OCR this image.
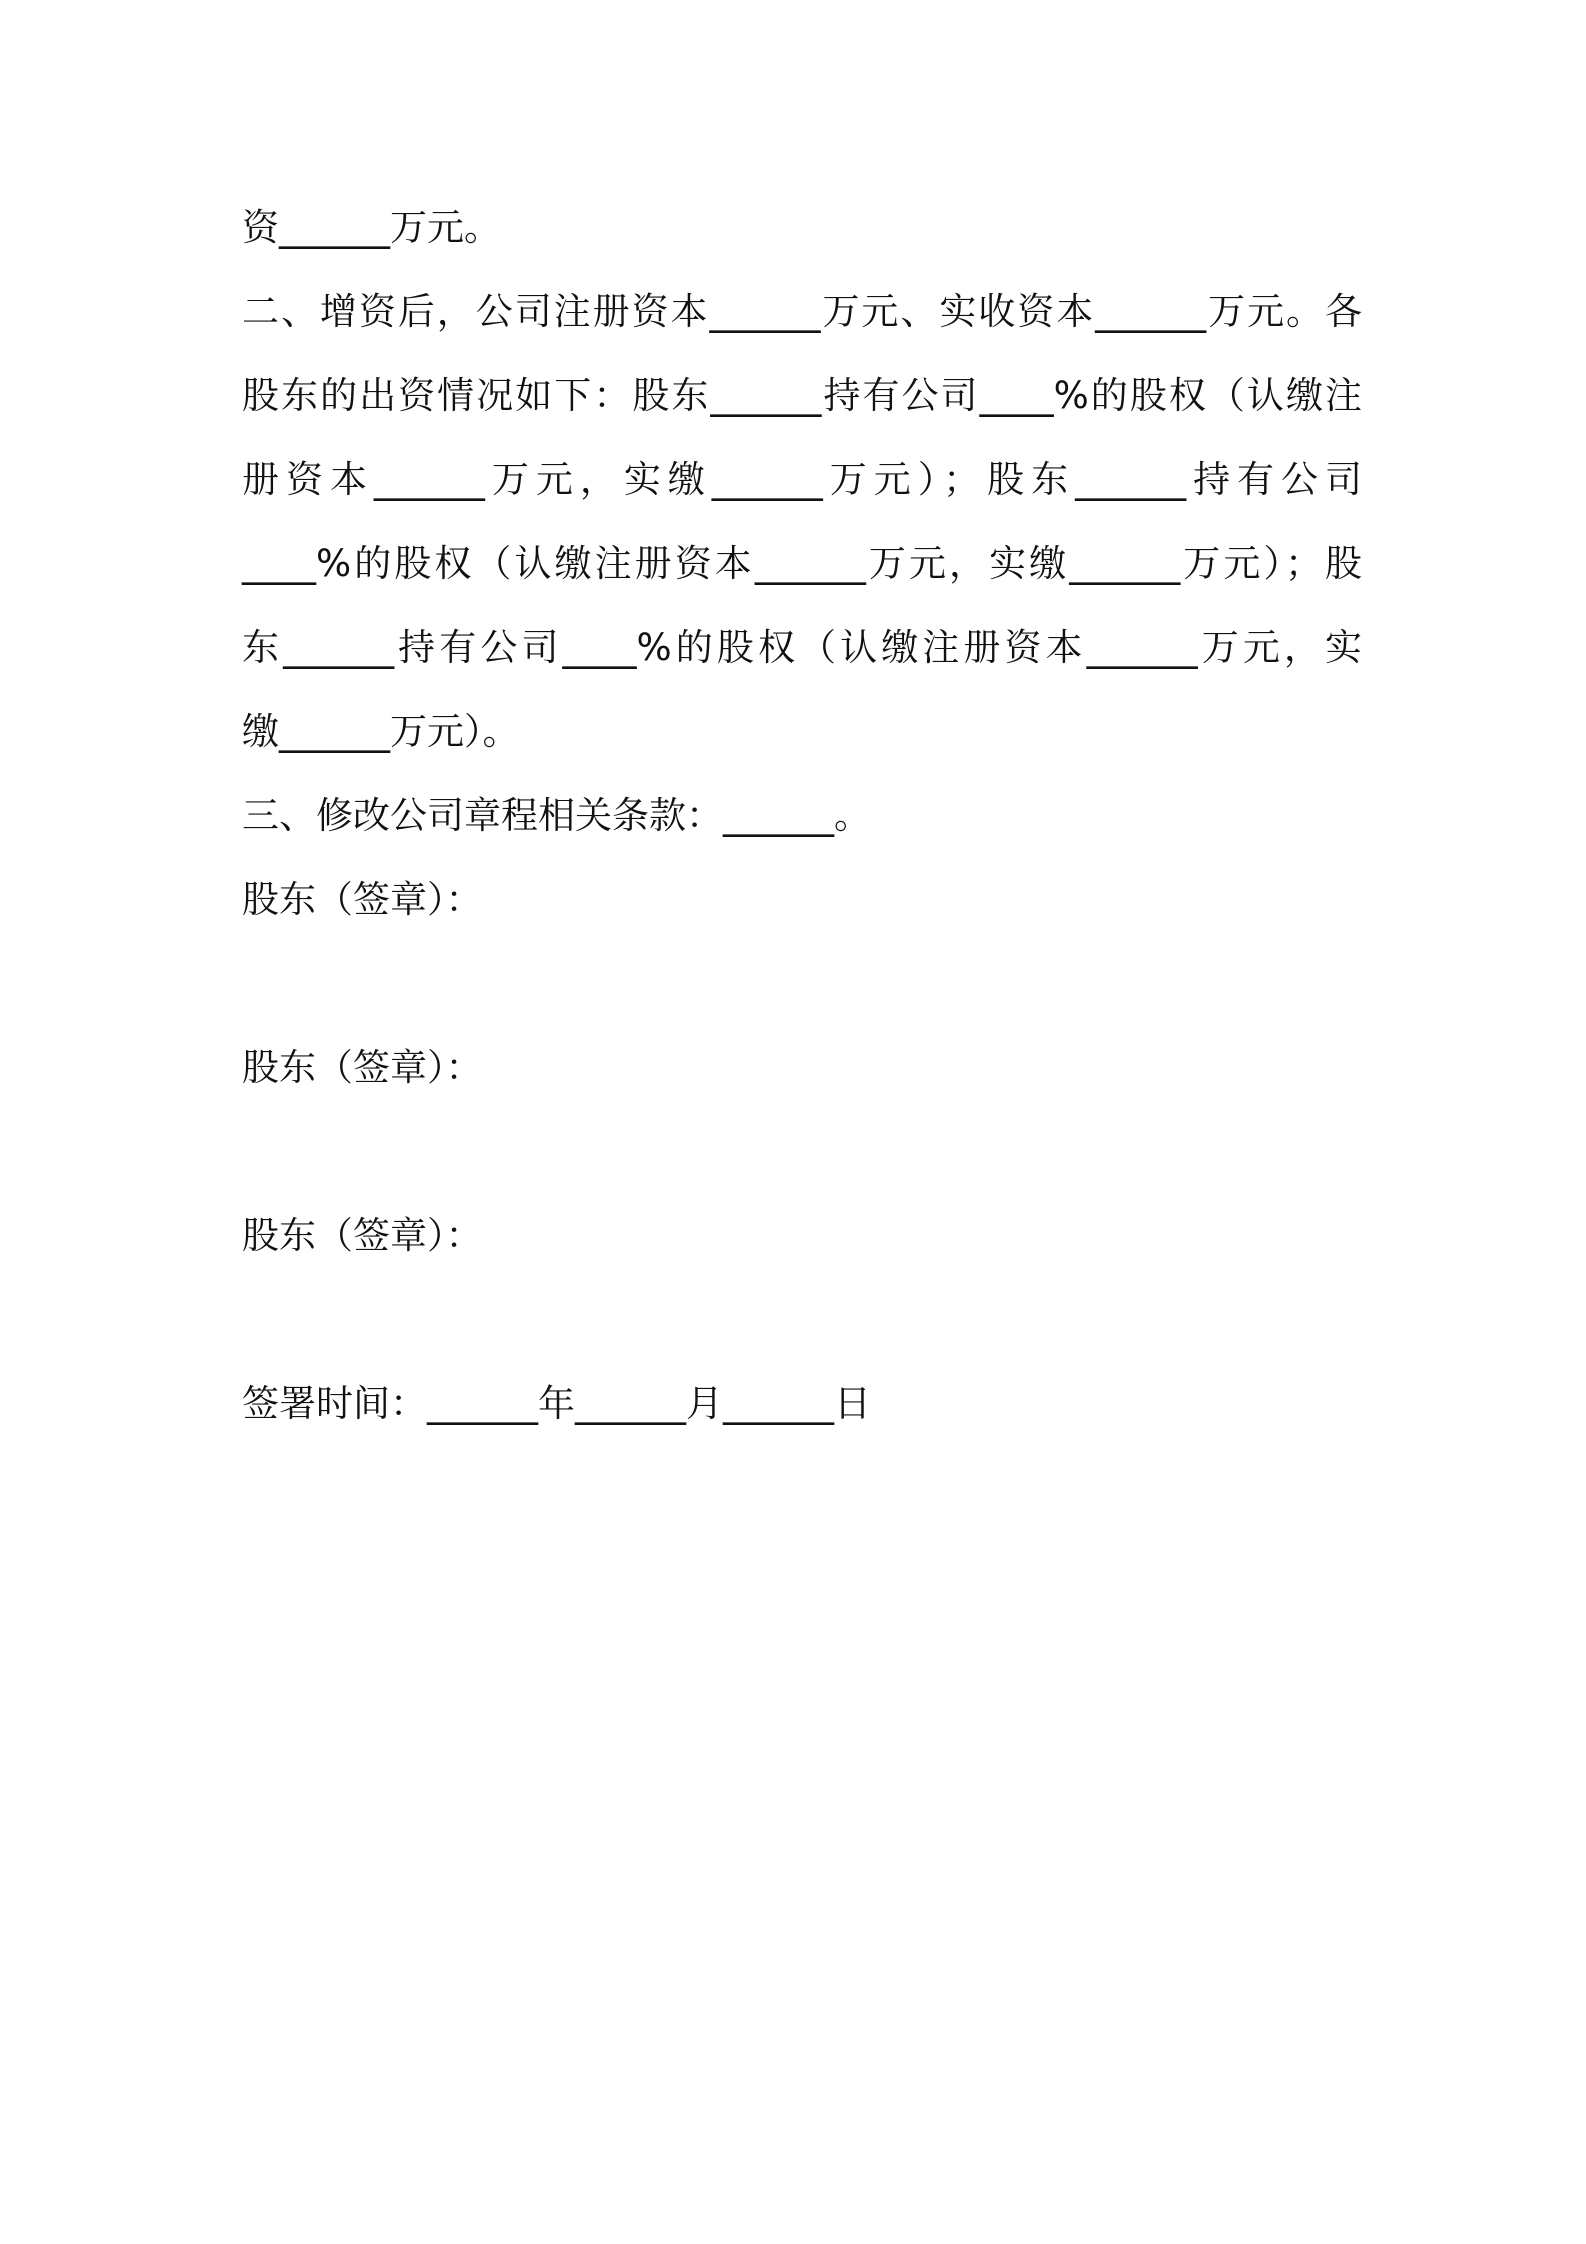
资______万元。
二、增资后，公司注册资本______万元、实收资本______万元。各
股东的出资情况如下：股东______持有公司____%的股权（认缴注
册资本______万元，实缴______万元）；股东______持有公司
____%的股权（认缴注册资本______万元，实缴______万元）；股
东______持有公司____%的股权（认缴注册资本______万元，实
缴______万元）。
三、修改公司章程相关条款：______。
股东（签章）：
股东（签章）：
股东（签章）：
签署时间：______年______月______日
